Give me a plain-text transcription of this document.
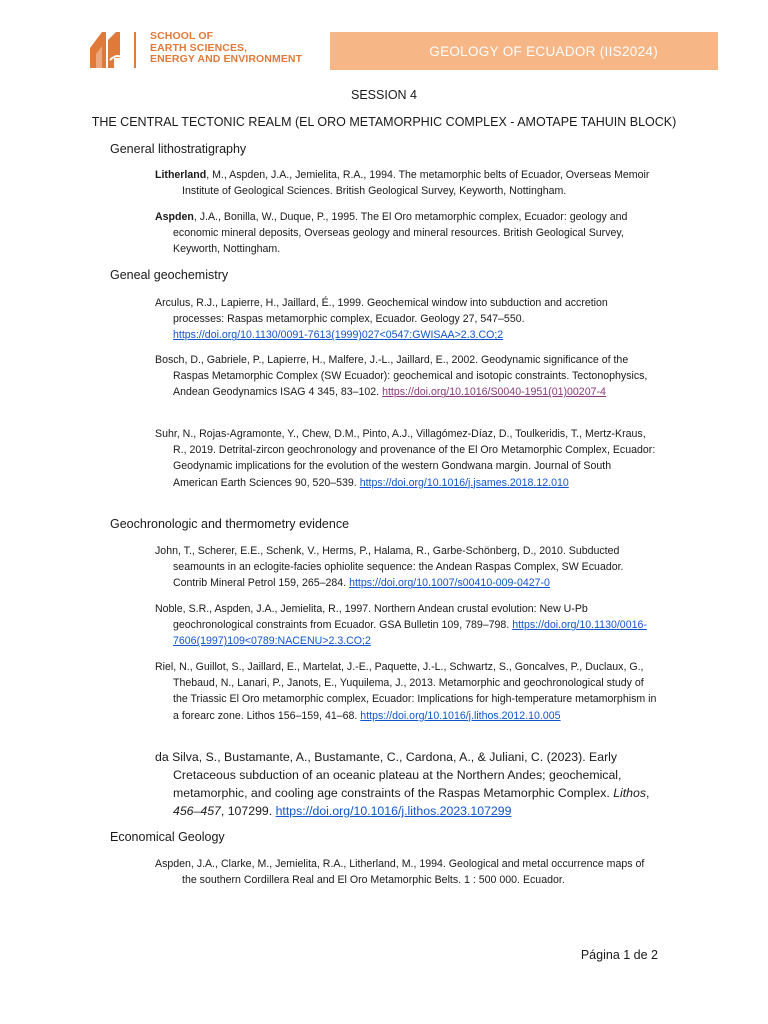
SCHOOL OF
EARTH SCIENCES,
ENERGY AND ENVIRONMENT
GEOLOGY OF ECUADOR (IIS2024)
SESSION 4
THE CENTRAL TECTONIC REALM (EL ORO METAMORPHIC COMPLEX - AMOTAPE TAHUIN BLOCK)
General lithostratigraphy
Litherland, M., Aspden, J.A., Jemielita, R.A., 1994. The metamorphic belts of Ecuador, Overseas Memoir Institute of Geological Sciences. British Geological Survey, Keyworth, Nottingham.
Aspden, J.A., Bonilla, W., Duque, P., 1995. The El Oro metamorphic complex, Ecuador: geology and economic mineral deposits, Overseas geology and mineral resources. British Geological Survey, Keyworth, Nottingham.
Geneal geochemistry
Arculus, R.J., Lapierre, H., Jaillard, É., 1999. Geochemical window into subduction and accretion processes: Raspas metamorphic complex, Ecuador. Geology 27, 547–550. https://doi.org/10.1130/0091-7613(1999)027<0547:GWISAA>2.3.CO;2
Bosch, D., Gabriele, P., Lapierre, H., Malfere, J.-L., Jaillard, E., 2002. Geodynamic significance of the Raspas Metamorphic Complex (SW Ecuador): geochemical and isotopic constraints. Tectonophysics, Andean Geodynamics ISAG 4 345, 83–102. https://doi.org/10.1016/S0040-1951(01)00207-4
Suhr, N., Rojas-Agramonte, Y., Chew, D.M., Pinto, A.J., Villagómez-Díaz, D., Toulkeridis, T., Mertz-Kraus, R., 2019. Detrital-zircon geochronology and provenance of the El Oro Metamorphic Complex, Ecuador: Geodynamic implications for the evolution of the western Gondwana margin. Journal of South American Earth Sciences 90, 520–539. https://doi.org/10.1016/j.jsames.2018.12.010
Geochronologic and thermometry evidence
John, T., Scherer, E.E., Schenk, V., Herms, P., Halama, R., Garbe-Schönberg, D., 2010. Subducted seamounts in an eclogite-facies ophiolite sequence: the Andean Raspas Complex, SW Ecuador. Contrib Mineral Petrol 159, 265–284. https://doi.org/10.1007/s00410-009-0427-0
Noble, S.R., Aspden, J.A., Jemielita, R., 1997. Northern Andean crustal evolution: New U-Pb geochronological constraints from Ecuador. GSA Bulletin 109, 789–798. https://doi.org/10.1130/0016-7606(1997)109<0789:NACENU>2.3.CO;2
Riel, N., Guillot, S., Jaillard, E., Martelat, J.-E., Paquette, J.-L., Schwartz, S., Goncalves, P., Duclaux, G., Thebaud, N., Lanari, P., Janots, E., Yuquilema, J., 2013. Metamorphic and geochronological study of the Triassic El Oro metamorphic complex, Ecuador: Implications for high-temperature metamorphism in a forearc zone. Lithos 156–159, 41–68. https://doi.org/10.1016/j.lithos.2012.10.005
da Silva, S., Bustamante, A., Bustamante, C., Cardona, A., & Juliani, C. (2023). Early Cretaceous subduction of an oceanic plateau at the Northern Andes; geochemical, metamorphic, and cooling age constraints of the Raspas Metamorphic Complex. Lithos, 456–457, 107299. https://doi.org/10.1016/j.lithos.2023.107299
Economical Geology
Aspden, J.A., Clarke, M., Jemielita, R.A., Litherland, M., 1994. Geological and metal occurrence maps of the southern Cordillera Real and El Oro Metamorphic Belts. 1 : 500 000. Ecuador.
Página 1 de 2
